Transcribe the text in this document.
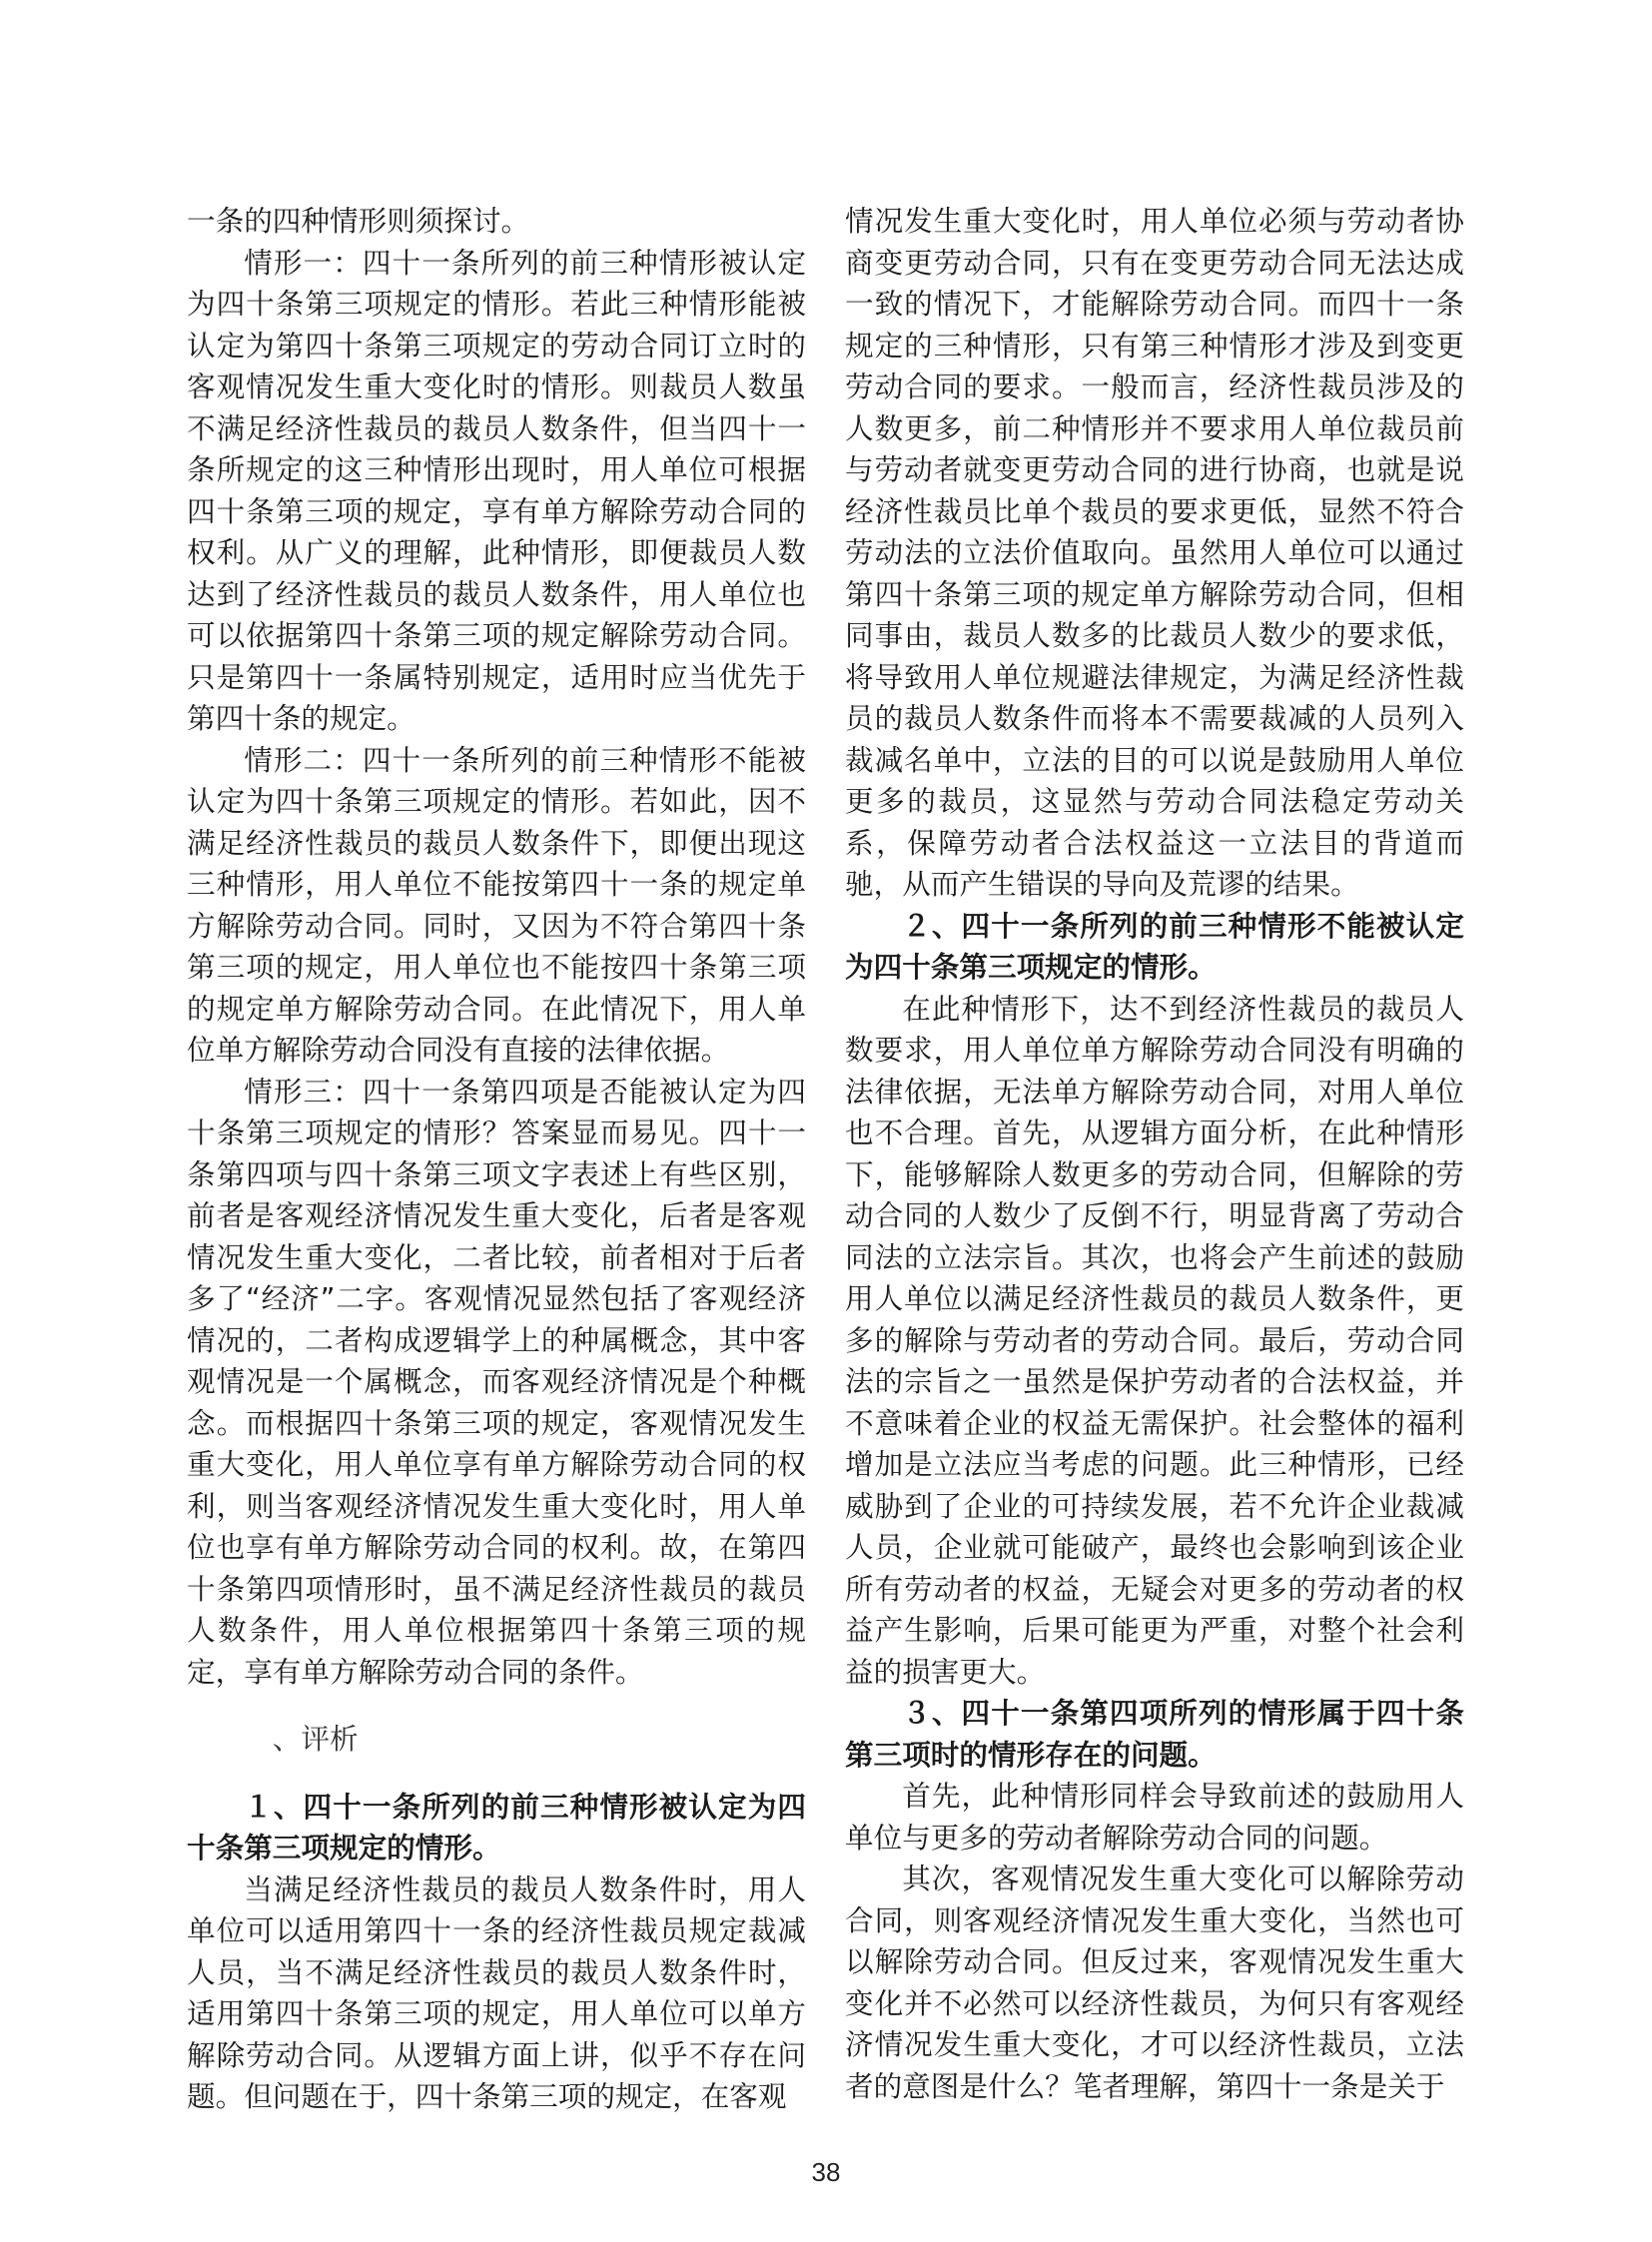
一条的四种情形则须探讨。

情形一：四十一条所列的前三种情形被认定为四十条第三项规定的情形。若此三种情形能被认定为第四十条第三项规定的劳动合同订立时的客观情况发生重大变化时的情形。则裁员人数虽不满足经济性裁员的裁员人数条件，但当四十一条所规定的这三种情形出现时，用人单位可根据四十条第三项的规定，享有单方解除劳动合同的权利。从广义的理解，此种情形，即便裁员人数达到了经济性裁员的裁员人数条件，用人单位也可以依据第四十条第三项的规定解除劳动合同。只是第四十一条属特别规定，适用时应当优先于第四十条的规定。

情形二：四十一条所列的前三种情形不能被认定为四十条第三项规定的情形。若如此，因不满足经济性裁员的裁员人数条件下，即便出现这三种情形，用人单位不能按第四十一条的规定单方解除劳动合同。同时，又因为不符合第四十条第三项的规定，用人单位也不能按四十条第三项的规定单方解除劳动合同。在此情况下，用人单位单方解除劳动合同没有直接的法律依据。

情形三：四十一条第四项是否能被认定为四十条第三项规定的情形？答案显而易见。四十一条第四项与四十条第三项文字表述上有些区别，前者是客观经济情况发生重大变化，后者是客观情况发生重大变化，二者比较，前者相对于后者多了“经济”二字。客观情况显然包括了客观经济情况的，二者构成逻辑学上的种属概念，其中客观情况是一个属概念，而客观经济情况是个种概念。而根据四十条第三项的规定，客观情况发生重大变化，用人单位享有单方解除劳动合同的权利，则当客观经济情况发生重大变化时，用人单位也享有单方解除劳动合同的权利。故，在第四十条第四项情形时，虽不满足经济性裁员的裁员人数条件，用人单位根据第四十条第三项的规定，享有单方解除劳动合同的条件。

、评析

１、四十一条所列的前三种情形被认定为四十条第三项规定的情形。

当满足经济性裁员的裁员人数条件时，用人单位可以适用第四十一条的经济性裁员规定裁减人员，当不满足经济性裁员的裁员人数条件时，适用第四十条第三项的规定，用人单位可以单方解除劳动合同。从逻辑方面上讲，似乎不存在问题。但问题在于，四十条第三项的规定，在客观

情况发生重大变化时，用人单位必须与劳动者协商变更劳动合同，只有在变更劳动合同无法达成一致的情况下，才能解除劳动合同。而四十一条规定的三种情形，只有第三种情形才涉及到变更劳动合同的要求。一般而言，经济性裁员涉及的人数更多，前二种情形并不要求用人单位裁员前与劳动者就变更劳动合同的进行协商，也就是说经济性裁员比单个裁员的要求更低，显然不符合劳动法的立法价值取向。虽然用人单位可以通过第四十条第三项的规定单方解除劳动合同，但相同事由，裁员人数多的比裁员人数少的要求低，将导致用人单位规避法律规定，为满足经济性裁员的裁员人数条件而将本不需要裁减的人员列入裁减名单中，立法的目的可以说是鼓励用人单位更多的裁员，这显然与劳动合同法稳定劳动关系，保障劳动者合法权益这一立法目的背道而驰，从而产生错误的导向及荒谬的结果。

２、四十一条所列的前三种情形不能被认定为四十条第三项规定的情形。

在此种情形下，达不到经济性裁员的裁员人数要求，用人单位单方解除劳动合同没有明确的法律依据，无法单方解除劳动合同，对用人单位也不合理。首先，从逻辑方面分析，在此种情形下，能够解除人数更多的劳动合同，但解除的劳动合同的人数少了反倒不行，明显背离了劳动合同法的立法宗旨。其次，也将会产生前述的鼓励用人单位以满足经济性裁员的裁员人数条件，更多的解除与劳动者的劳动合同。最后，劳动合同法的宗旨之一虽然是保护劳动者的合法权益，并不意味着企业的权益无需保护。社会整体的福利增加是立法应当考虑的问题。此三种情形，已经威胁到了企业的可持续发展，若不允许企业裁减人员，企业就可能破产，最终也会影响到该企业所有劳动者的权益，无疑会对更多的劳动者的权益产生影响，后果可能更为严重，对整个社会利益的损害更大。

３、四十一条第四项所列的情形属于四十条第三项时的情形存在的问题。

首先，此种情形同样会导致前述的鼓励用人单位与更多的劳动者解除劳动合同的问题。

其次，客观情况发生重大变化可以解除劳动合同，则客观经济情况发生重大变化，当然也可以解除劳动合同。但反过来，客观情况发生重大变化并不必然可以经济性裁员，为何只有客观经济情况发生重大变化，才可以经济性裁员，立法者的意图是什么？笔者理解，第四十一条是关于

38
